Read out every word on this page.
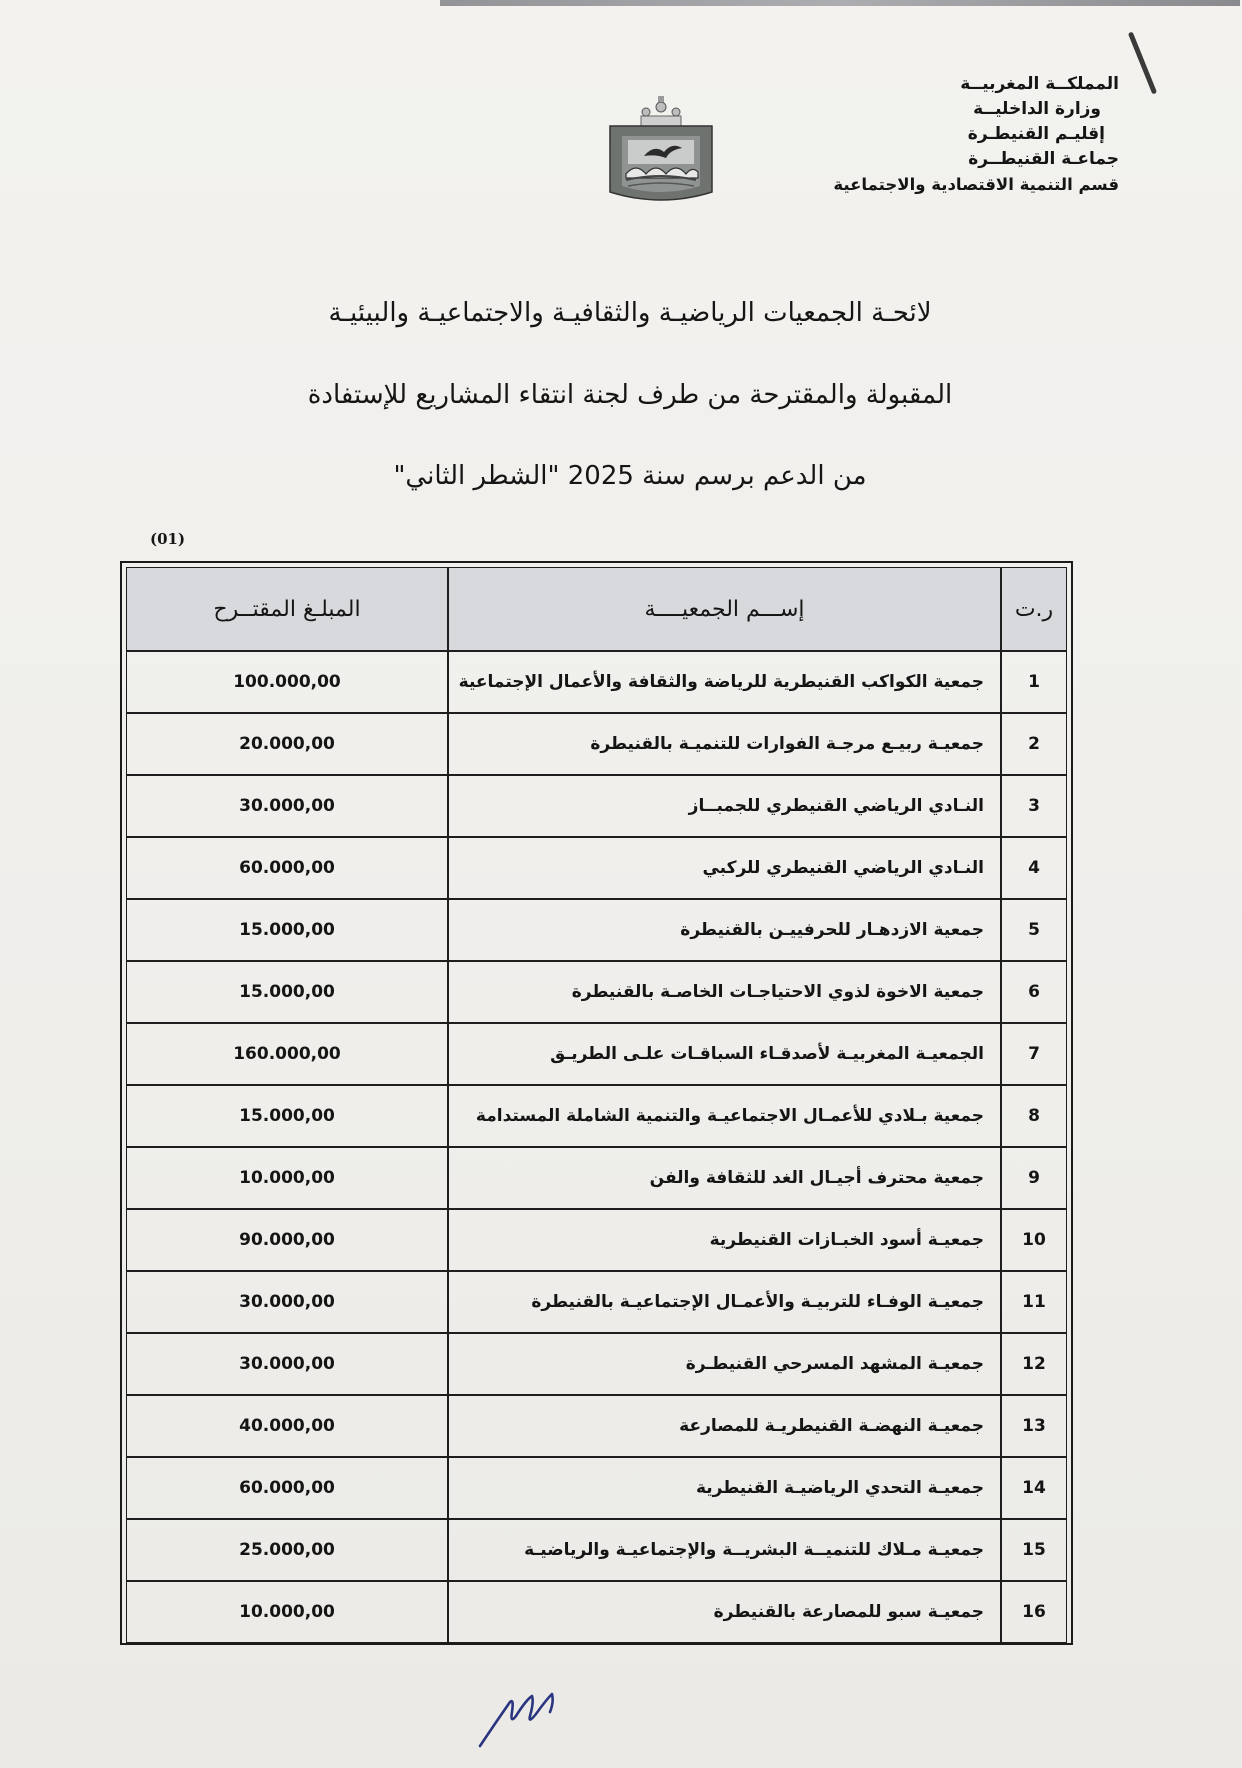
المملكــة المغربيــة
وزارة الداخليــة
إقليـم القنيطـرة
جماعـة القنيطــرة
قسم التنمية الاقتصادية والاجتماعية
لائحـة الجمعيات الرياضيـة والثقافيـة والاجتماعيـة والبيئيـة
المقبولة والمقترحة من طرف لجنة انتقاء المشاريع للإستفادة
من الدعم برسم سنة 2025 "الشطر الثاني"
(01)
ر.ت	إســـم الجمعيــــة	المبلـغ المقتــرح
1	جمعية الكواكب القنيطرية للرياضة والثقافة والأعمال الإجتماعية	100.000,00
2	جمعيـة ربيـع مرجـة الفوارات للتنميـة بالقنيطرة	20.000,00
3	النـادي الرياضي القنيطري للجمبــاز	30.000,00
4	النـادي الرياضي القنيطري للركبي	60.000,00
5	جمعية الازدهـار للحرفييـن بالقنيطرة	15.000,00
6	جمعية الاخوة لذوي الاحتياجـات الخاصـة بالقنيطرة	15.000,00
7	الجمعيـة المغربيـة لأصدقـاء السباقـات علـى الطريـق	160.000,00
8	جمعية بـلادي للأعمـال الاجتماعيـة والتنمية الشاملة المستدامة	15.000,00
9	جمعية محترف أجيـال الغد للثقافة والفن	10.000,00
10	جمعيـة أسود الخبـازات القنيطرية	90.000,00
11	جمعيـة الوفـاء للتربيـة والأعمـال الإجتماعيـة بالقنيطرة	30.000,00
12	جمعيـة المشهد المسرحي القنيطـرة	30.000,00
13	جمعيـة النهضـة القنيطريـة للمصارعة	40.000,00
14	جمعيـة التحدي الرياضيـة القنيطرية	60.000,00
15	جمعيـة مـلاك للتنميــة البشريــة والإجتماعيـة والرياضيـة	25.000,00
16	جمعيـة سبو للمصارعة بالقنيطرة	10.000,00
